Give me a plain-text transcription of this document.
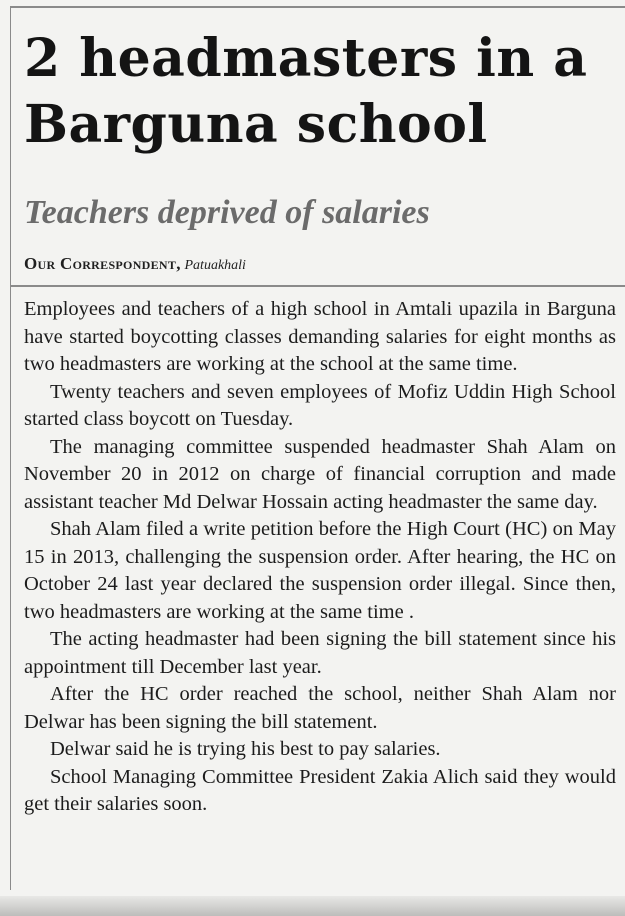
2 headmasters in a Barguna school
Teachers deprived of salaries
Our Correspondent, Patuakhali

Employees and teachers of a high school in Amtali upazila in Barguna have started boycotting classes demanding salaries for eight months as two headmasters are working at the school at the same time.

Twenty teachers and seven employees of Mofiz Uddin High School started class boycott on Tuesday.

The managing committee suspended headmaster Shah Alam on November 20 in 2012 on charge of financial corruption and made assistant teacher Md Delwar Hossain acting headmaster the same day.

Shah Alam filed a write petition before the High Court (HC) on May 15 in 2013, challenging the suspension order. After hearing, the HC on October 24 last year declared the suspension order illegal. Since then, two headmasters are working at the same time .

The acting headmaster had been signing the bill statement since his appointment till December last year.

After the HC order reached the school, neither Shah Alam nor Delwar has been signing the bill statement.

Delwar said he is trying his best to pay salaries.

School Managing Committee President Zakia Alich said they would get their salaries soon.
